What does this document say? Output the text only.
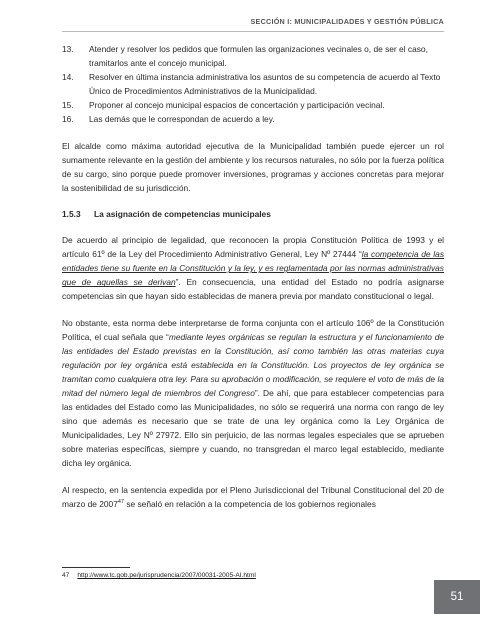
SECCIÓN I: MUNICIPALIDADES Y GESTIÓN PÚBLICA
13.	Atender y resolver los pedidos que formulen las organizaciones vecinales o, de ser el caso, tramitarlos ante el concejo municipal.
14.	Resolver en última instancia administrativa los asuntos de su competencia de acuerdo al Texto Único de Procedimientos Administrativos de la Municipalidad.
15.	Proponer al concejo municipal espacios de concertación y participación vecinal.
16.	Las demás que le correspondan de acuerdo a ley.

El alcalde como máxima autoridad ejecutiva de la Municipalidad también puede ejercer un rol sumamente relevante en la gestión del ambiente y los recursos naturales, no sólo por la fuerza política de su cargo, sino porque puede promover inversiones, programas y acciones concretas para mejorar la sostenibilidad de su jurisdicción.

1.5.3	La asignación de competencias municipales

De acuerdo al principio de legalidad, que reconocen la propia Constitución Política de 1993 y el artículo 61º de la Ley del Procedimiento Administrativo General, Ley Nº 27444 “la competencia de las entidades tiene su fuente en la Constitución y la ley, y es reglamentada por las normas administrativas que de aquellas se derivan”. En consecuencia, una entidad del Estado no podría asignarse competencias sin que hayan sido establecidas de manera previa por mandato constitucional o legal.

No obstante, esta norma debe interpretarse de forma conjunta con el artículo 106º de la Constitución Política, el cual señala que “mediante leyes orgánicas se regulan la estructura y el funcionamiento de las entidades del Estado previstas en la Constitución, así como también las otras materias cuya regulación por ley orgánica está establecida en la Constitución. Los proyectos de ley orgánica se tramitan como cualquiera otra ley. Para su aprobación o modificación, se requiere el voto de más de la mitad del número legal de miembros del Congreso”. De ahí, que para establecer competencias para las entidades del Estado como las Municipalidades, no sólo se requerirá una norma con rango de ley sino que además es necesario que se trate de una ley orgánica como la Ley Orgánica de Municipalidades, Ley Nº 27972. Ello sin perjuicio, de las normas legales especiales que se aprueben sobre materias específicas, siempre y cuando, no transgredan el marco legal establecido, mediante dicha ley orgánica.

Al respecto, en la sentencia expedida por el Pleno Jurisdiccional del Tribunal Constitucional del 20 de marzo de 2007$^{47}$ se señaló en relación a la competencia de los gobiernos regionales

47 http://www.tc.gob.pe/jurisprudencia/2007/00031-2005-AI.html
51
